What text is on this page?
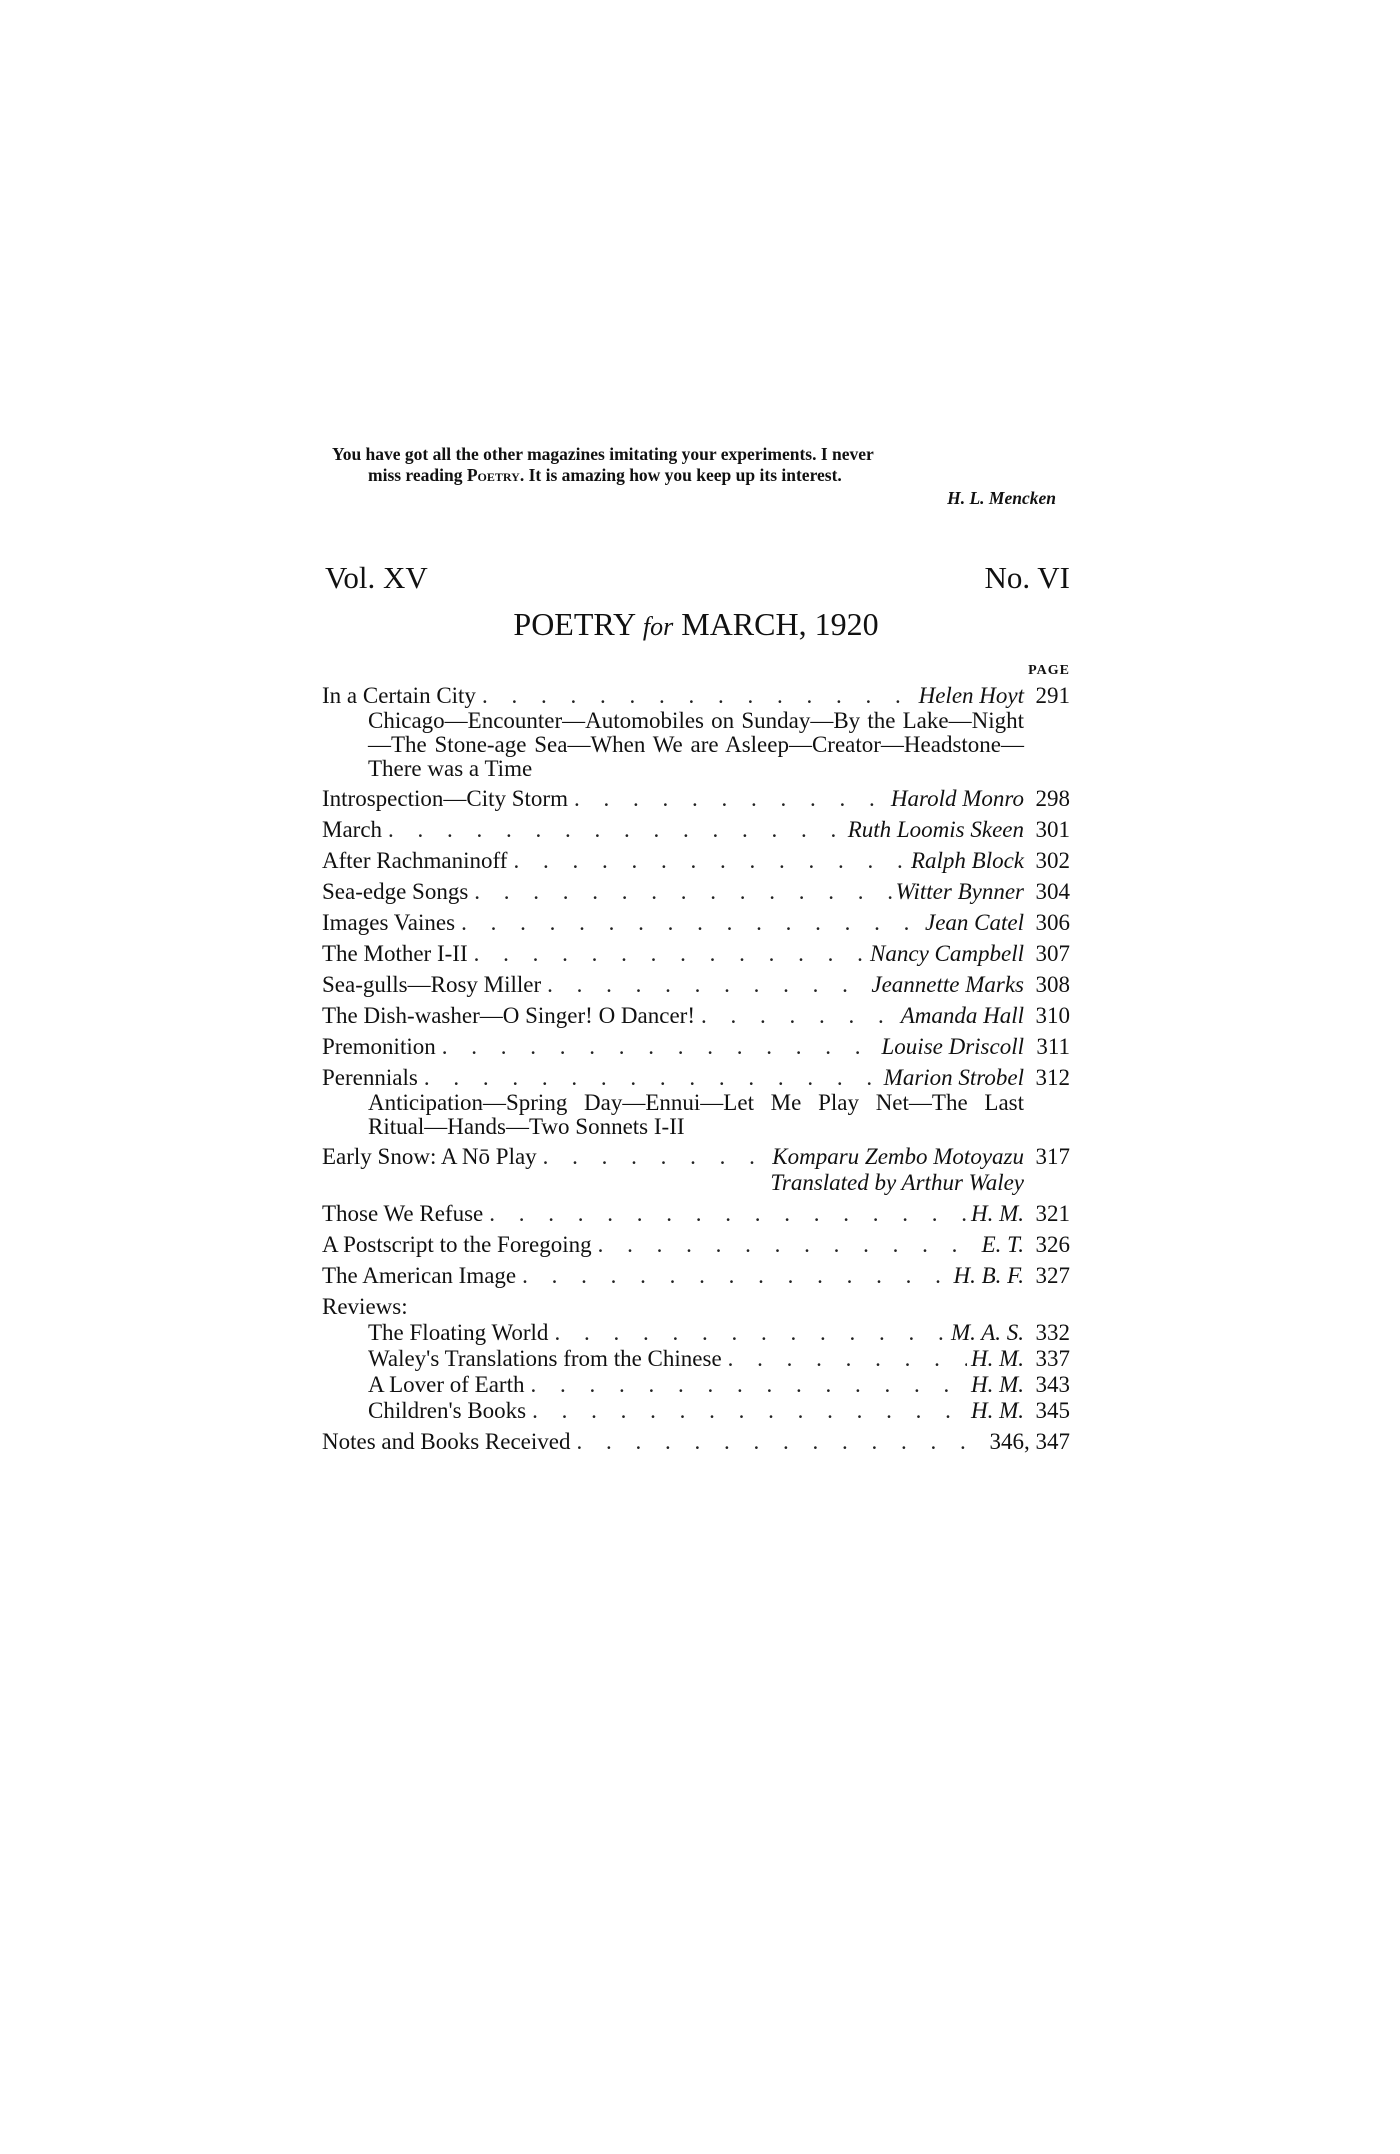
You have got all the other magazines imitating your experiments. I never
miss reading Poetry. It is amazing how you keep up its interest.
H. L. Mencken
Vol. XV	No. VI
POETRY for MARCH, 1920
PAGE
In a Certain City . . .	Helen Hoyt 291
Chicago—Encounter—Automobiles on Sunday—By the Lake—Night—The Stone-age Sea—When We are Asleep—Creator—Headstone—There was a Time
Introspection—City Storm . . .	Harold Monro 298
March . . .	Ruth Loomis Skeen 301
After Rachmaninoff . . .	Ralph Block 302
Sea-edge Songs . . .	Witter Bynner 304
Images Vaines . . .	Jean Catel 306
The Mother I-II . . .	Nancy Campbell 307
Sea-gulls—Rosy Miller . . .	Jeannette Marks 308
The Dish-washer—O Singer! O Dancer! . . .	Amanda Hall 310
Premonition . . .	Louise Driscoll 311
Perennials . . .	Marion Strobel 312
Anticipation—Spring Day—Ennui—Let Me Play Net—The Last Ritual—Hands—Two Sonnets I-II
Early Snow: A Nō Play . . .	Komparu Zembo Motoyazu 317
Translated by Arthur Waley
Those We Refuse . . .	H. M. 321
A Postscript to the Foregoing . . .	E. T. 326
The American Image . . .	H. B. F. 327
Reviews:
The Floating World . . .	M. A. S. 332
Waley's Translations from the Chinese . . .	H. M. 337
A Lover of Earth . . .	H. M. 343
Children's Books . . .	H. M. 345
Notes and Books Received . . .	346, 347
